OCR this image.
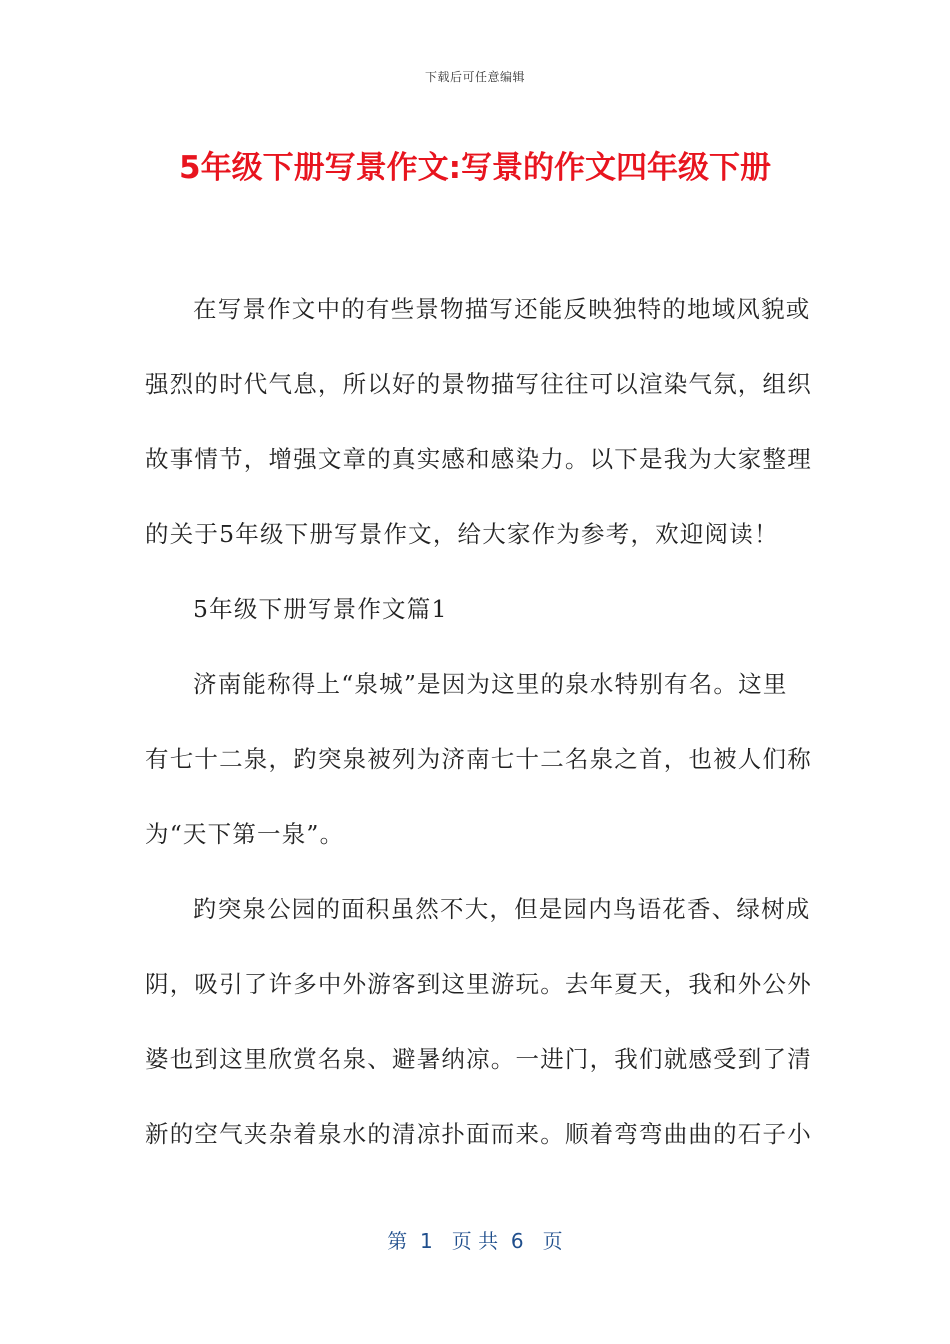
下载后可任意编辑
5年级下册写景作文:写景的作文四年级下册
在写景作文中的有些景物描写还能反映独特的地域风貌或
强烈的时代气息，所以好的景物描写往往可以渲染气氛，组织
故事情节，增强文章的真实感和感染力。以下是我为大家整理
的关于5年级下册写景作文，给大家作为参考，欢迎阅读！
5年级下册写景作文篇1
济南能称得上“泉城”是因为这里的泉水特别有名。这里
有七十二泉，趵突泉被列为济南七十二名泉之首，也被人们称
为“天下第一泉”。
趵突泉公园的面积虽然不大，但是园内鸟语花香、绿树成
阴，吸引了许多中外游客到这里游玩。去年夏天，我和外公外
婆也到这里欣赏名泉、避暑纳凉。一进门，我们就感受到了清
新的空气夹杂着泉水的清凉扑面而来。顺着弯弯曲曲的石子小
第  1   页 共  6   页
